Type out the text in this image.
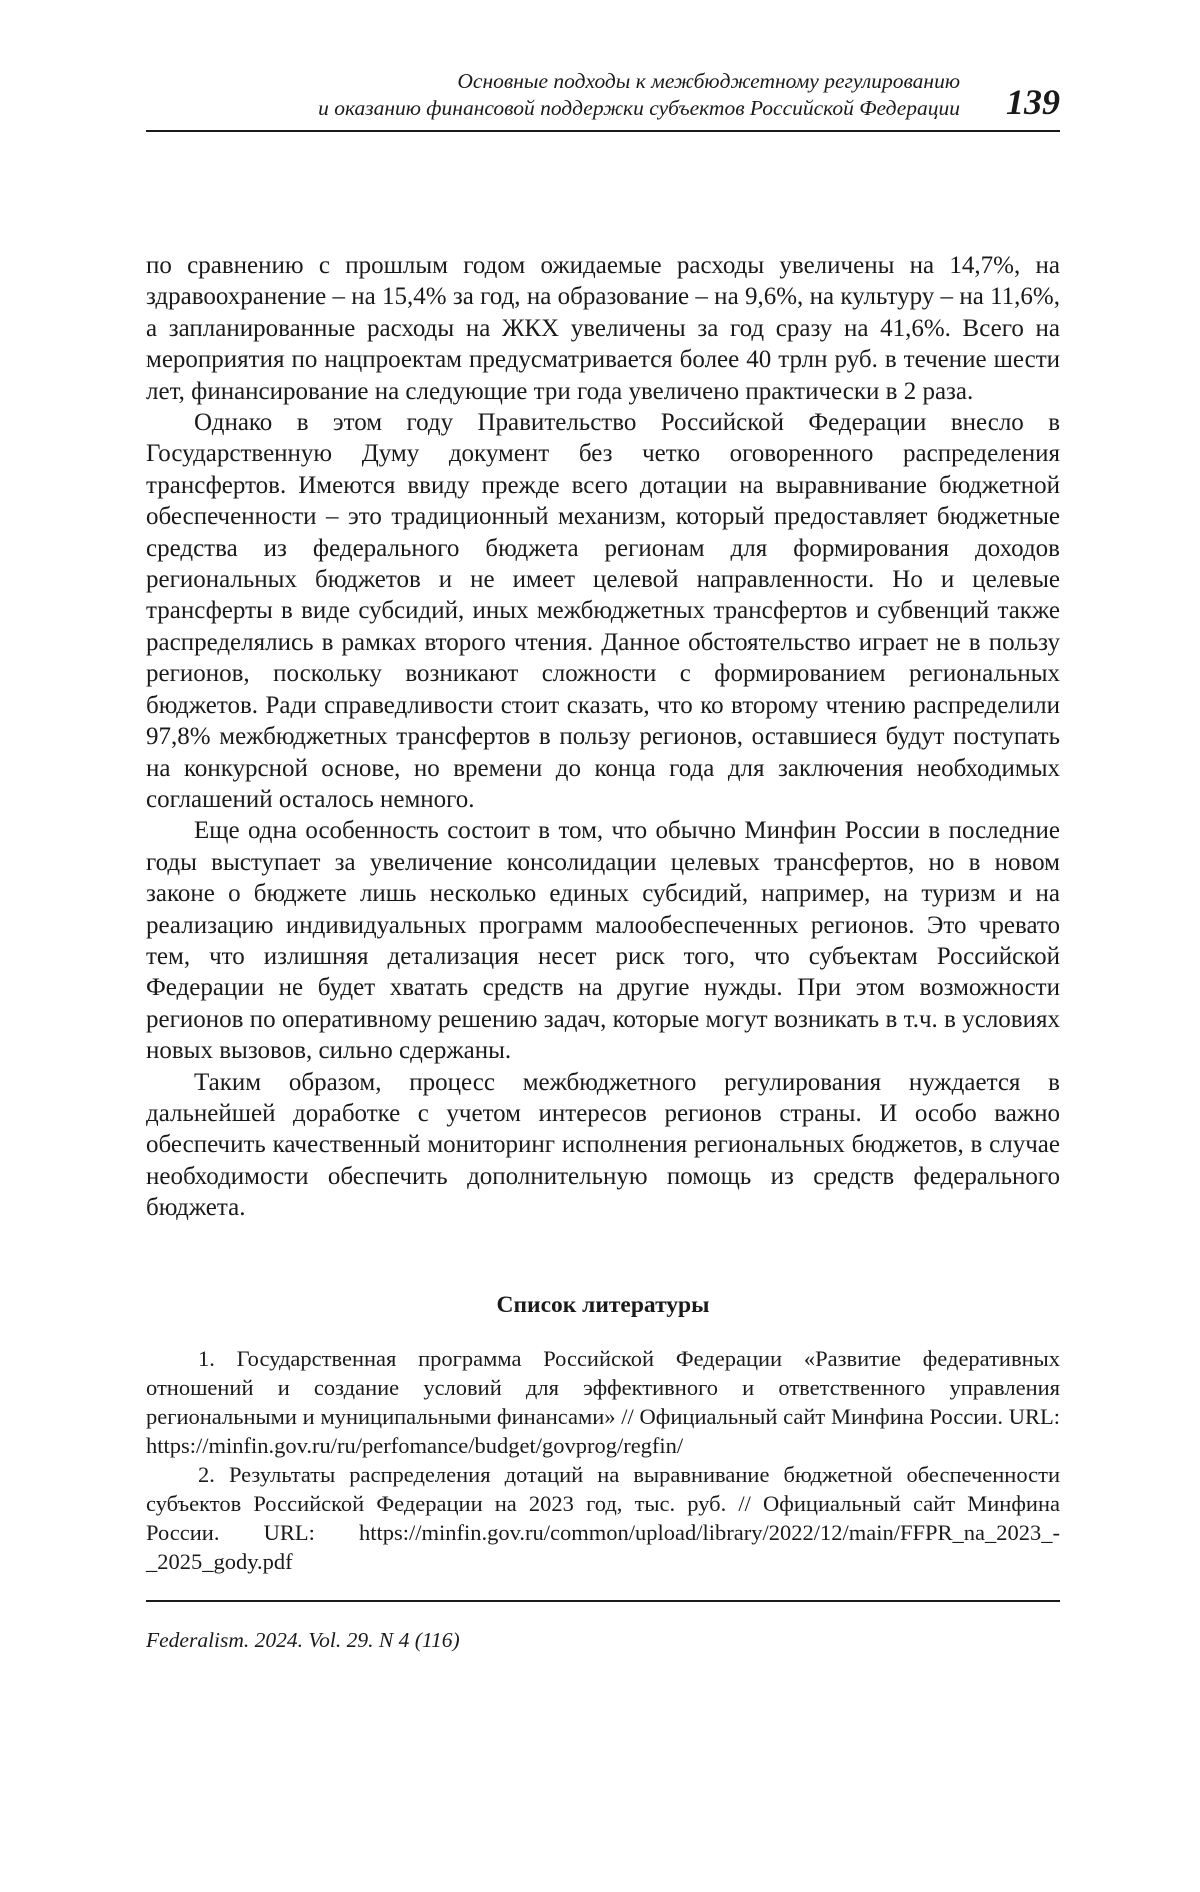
Основные подходы к межбюджетному регулированию
и оказанию финансовой поддержки субъектов Российской Федерации 139

по сравнению с прошлым годом ожидаемые расходы увеличены на 14,7%, на здравоохранение – на 15,4% за год, на образование – на 9,6%, на культуру – на 11,6%, а запланированные расходы на ЖКХ увеличены за год сразу на 41,6%. Всего на мероприятия по нацпроектам предусматривается более 40 трлн руб. в течение шести лет, финансирование на следующие три года увеличено практически в 2 раза.

Однако в этом году Правительство Российской Федерации внесло в Государственную Думу документ без четко оговоренного распределения трансфертов. Имеются ввиду прежде всего дотации на выравнивание бюджетной обеспеченности – это традиционный механизм, который предоставляет бюджетные средства из федерального бюджета регионам для формирования доходов региональных бюджетов и не имеет целевой направленности. Но и целевые трансферты в виде субсидий, иных межбюджетных трансфертов и субвенций также распределялись в рамках второго чтения. Данное обстоятельство играет не в пользу регионов, поскольку возникают сложности с формированием региональных бюджетов. Ради справедливости стоит сказать, что ко второму чтению распределили 97,8% межбюджетных трансфертов в пользу регионов, оставшиеся будут поступать на конкурсной основе, но времени до конца года для заключения необходимых соглашений осталось немного.

Еще одна особенность состоит в том, что обычно Минфин России в последние годы выступает за увеличение консолидации целевых трансфертов, но в новом законе о бюджете лишь несколько единых субсидий, например, на туризм и на реализацию индивидуальных программ малообеспеченных регионов. Это чревато тем, что излишняя детализация несет риск того, что субъектам Российской Федерации не будет хватать средств на другие нужды. При этом возможности регионов по оперативному решению задач, которые могут возникать в т.ч. в условиях новых вызовов, сильно сдержаны.

Таким образом, процесс межбюджетного регулирования нуждается в дальнейшей доработке с учетом интересов регионов страны. И особо важно обеспечить качественный мониторинг исполнения региональных бюджетов, в случае необходимости обеспечить дополнительную помощь из средств федерального бюджета.

Список литературы

1. Государственная программа Российской Федерации «Развитие федеративных отношений и создание условий для эффективного и ответственного управления региональными и муниципальными финансами» // Официальный сайт Минфина России. URL: https://minfin.gov.ru/ru/perfomance/budget/govprog/regfin/

2. Результаты распределения дотаций на выравнивание бюджетной обеспеченности субъектов Российской Федерации на 2023 год, тыс. руб. // Официальный сайт Минфина России. URL: https://minfin.gov.ru/common/upload/library/2022/12/main/FFPR_na_2023_-_2025_gody.pdf

Federalism. 2024. Vol. 29. N 4 (116)
